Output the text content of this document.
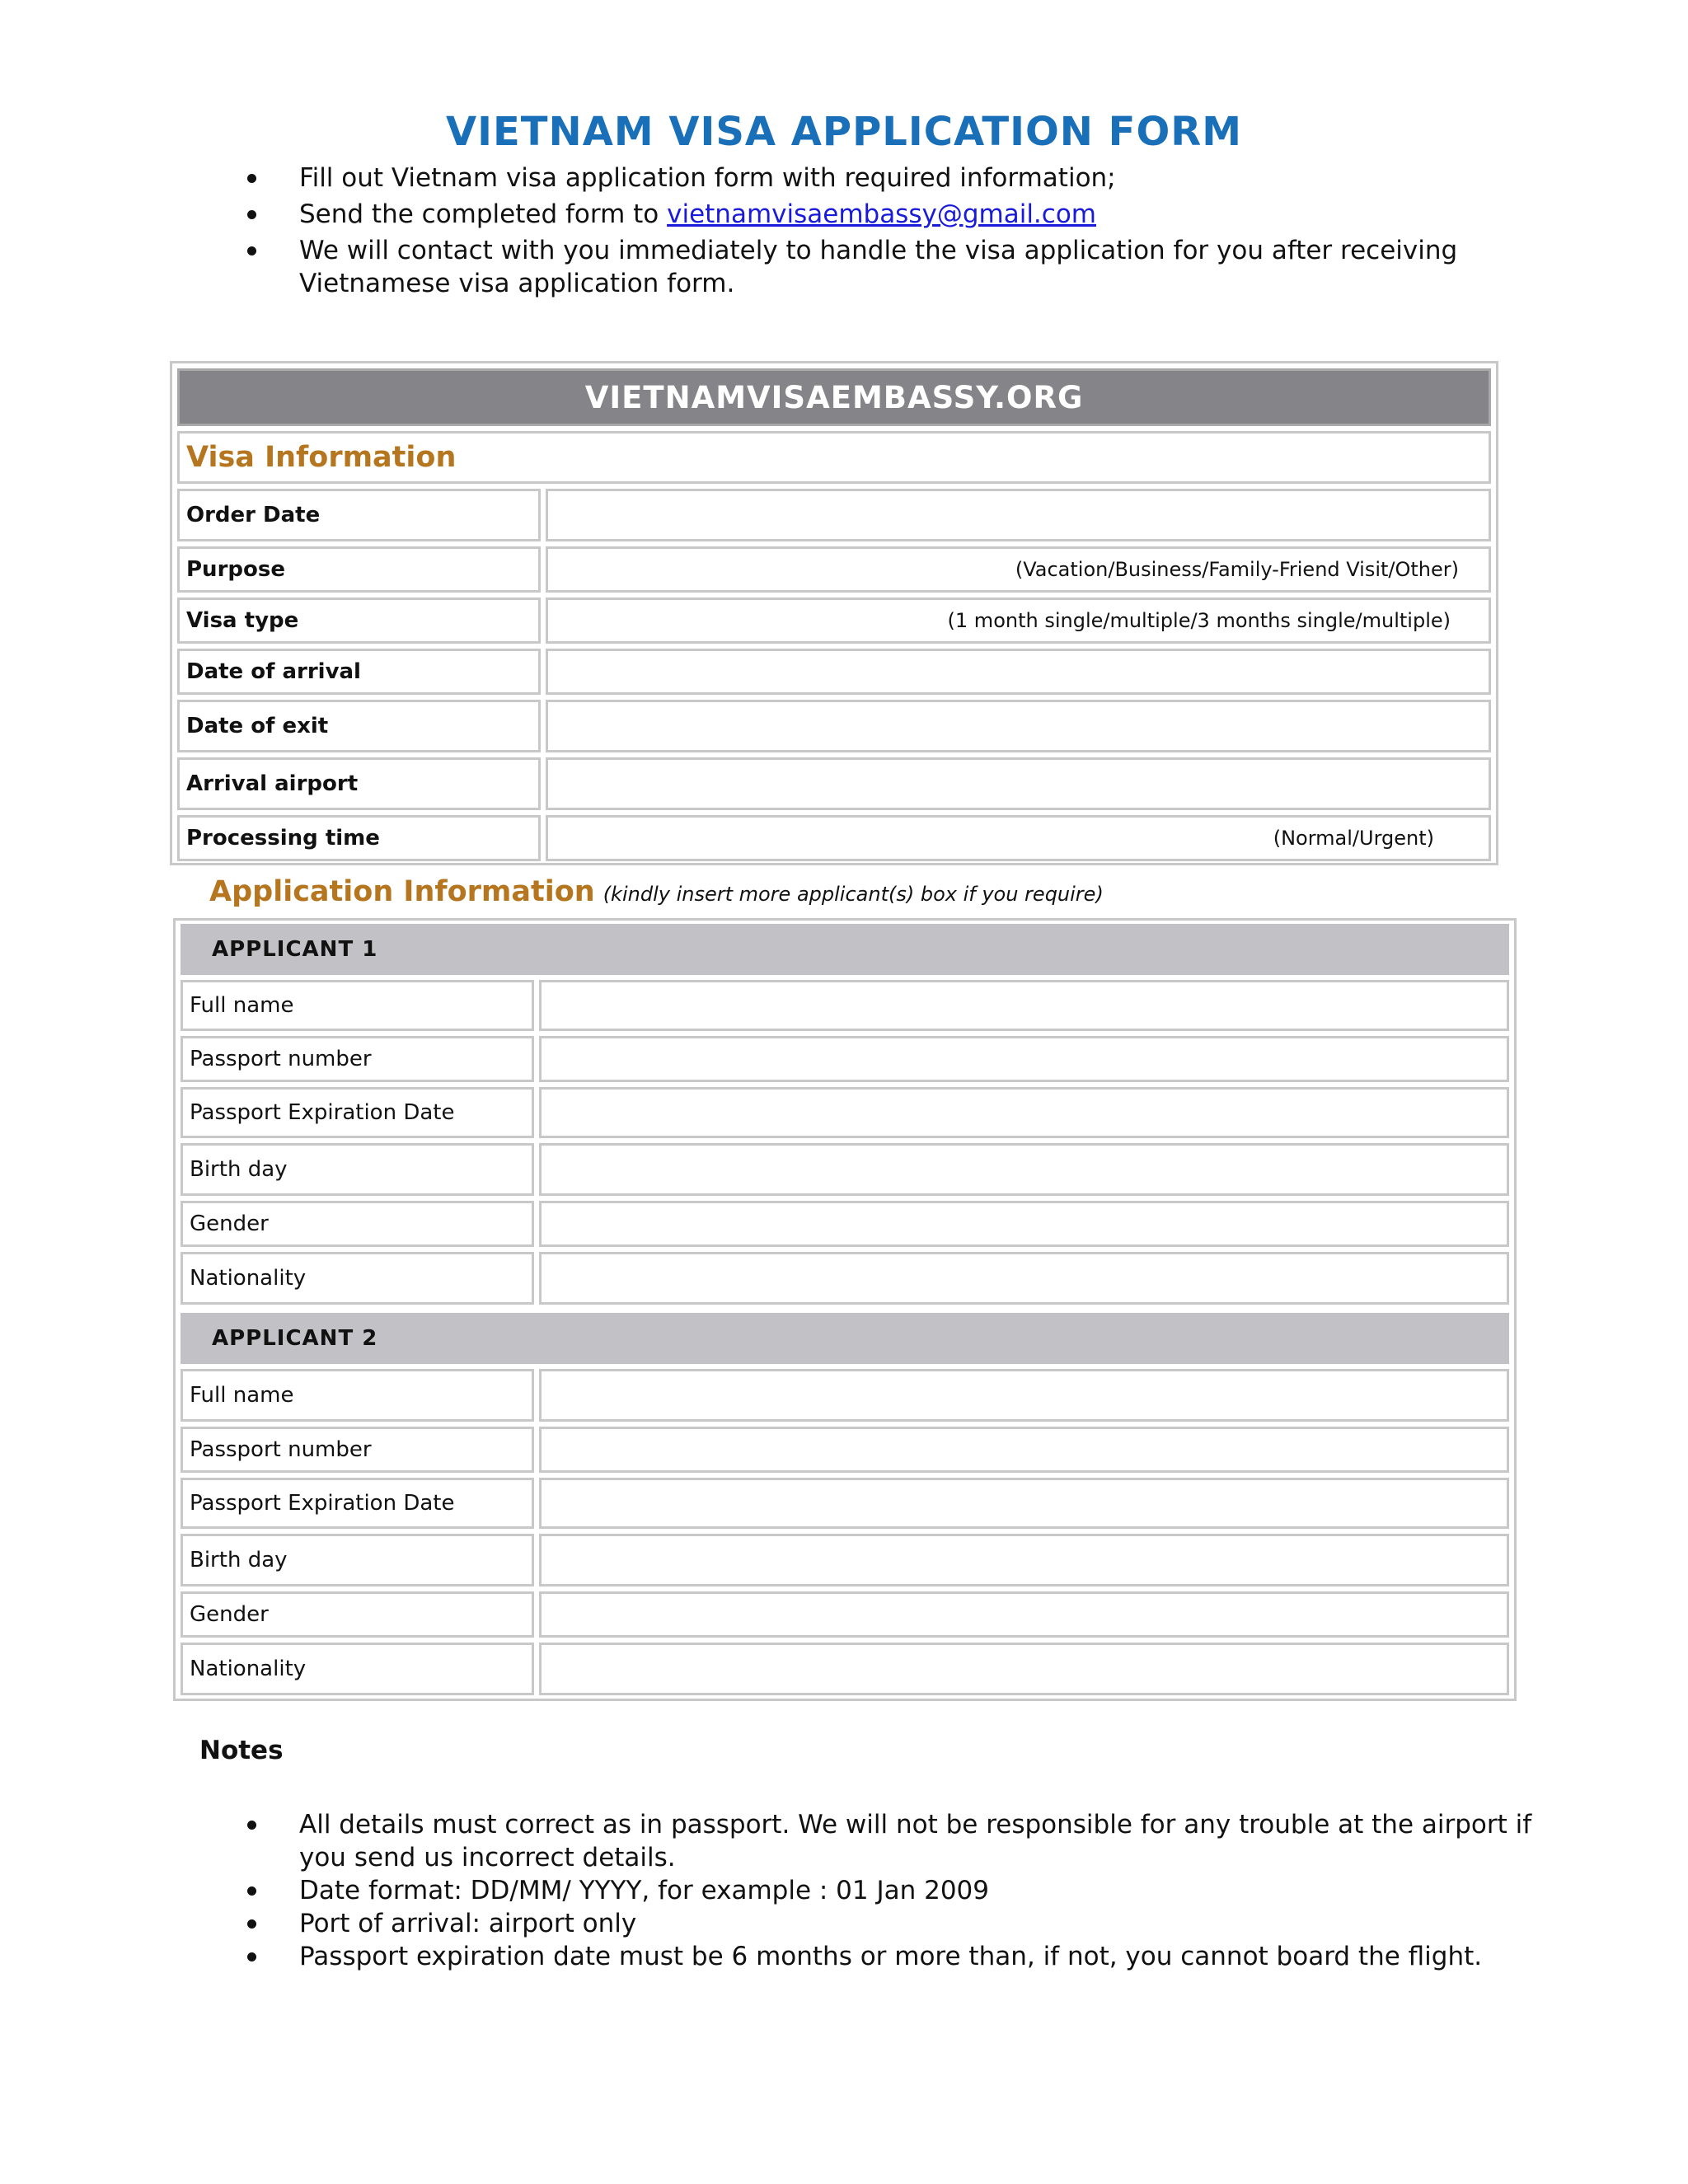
VIETNAM VISA APPLICATION FORM
Fill out Vietnam visa application form with required information;
Send the completed form to vietnamvisaembassy@gmail.com
We will contact with you immediately to handle the visa application for you after receiving Vietnamese visa application form.
VIETNAMVISAEMBASSY.ORG
Visa Information
Order Date
Purpose	(Vacation/Business/Family-Friend Visit/Other)
Visa type	(1 month single/multiple/3 months single/multiple)
Date of arrival
Date of exit
Arrival airport
Processing time	(Normal/Urgent)
Application Information (kindly insert more applicant(s) box if you require)
APPLICANT 1
Full name
Passport number
Passport Expiration Date
Birth day
Gender
Nationality
APPLICANT 2
Full name
Passport number
Passport Expiration Date
Birth day
Gender
Nationality
Notes
All details must correct as in passport. We will not be responsible for any trouble at the airport if you send us incorrect details.
Date format: DD/MM/ YYYY, for example : 01 Jan 2009
Port of arrival: airport only
Passport expiration date must be 6 months or more than, if not, you cannot board the flight.
